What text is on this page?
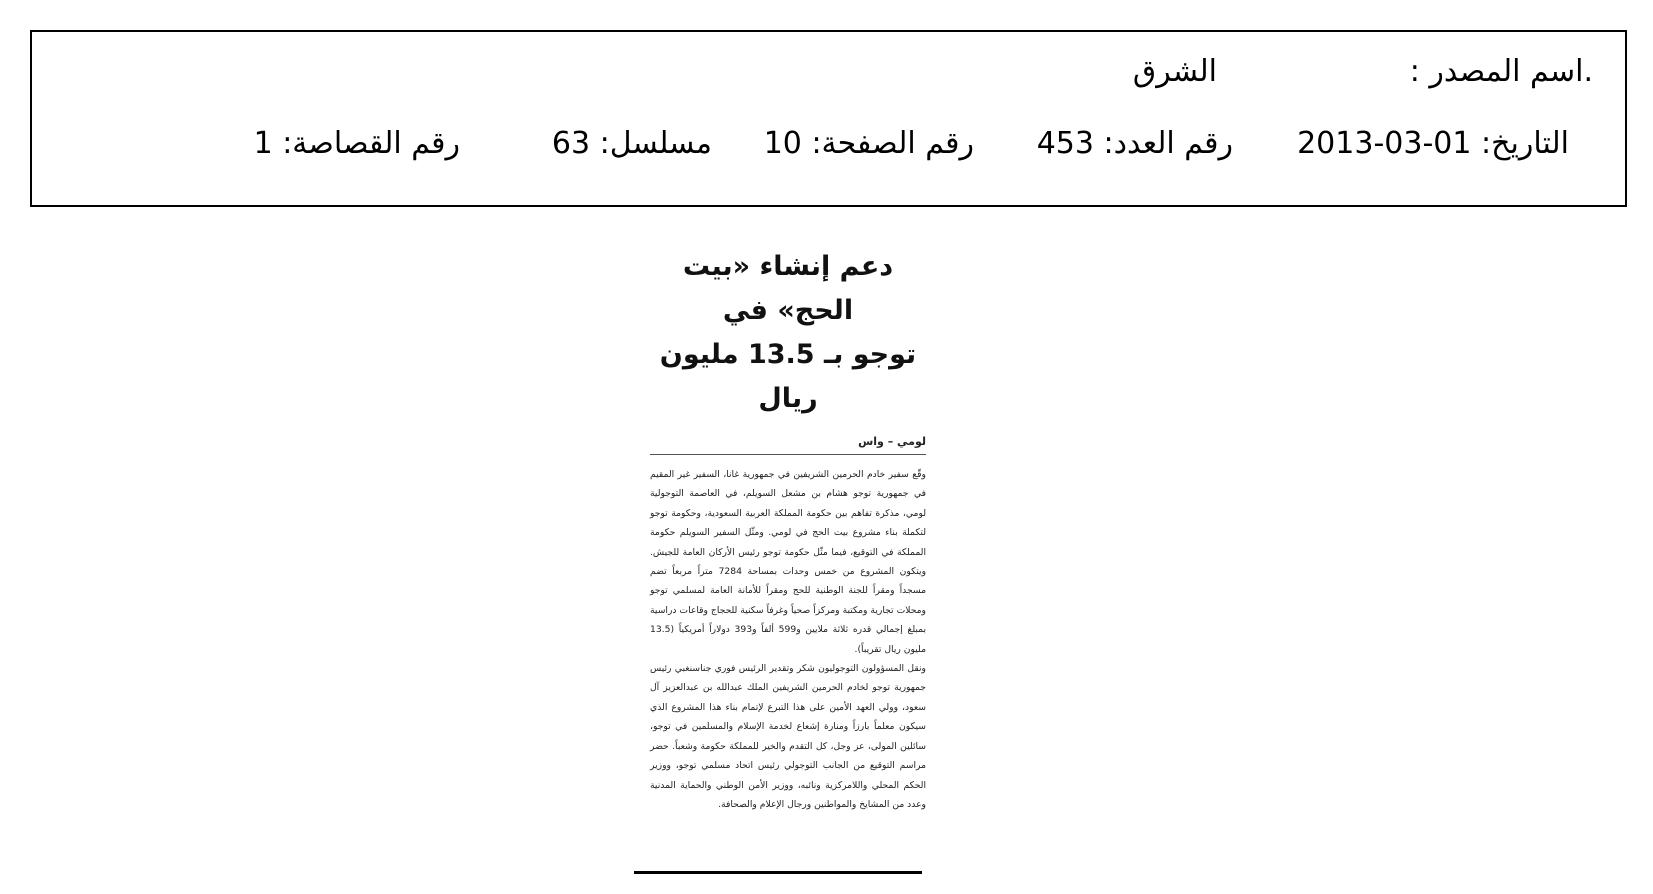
.اسم المصدر :
الشرق
التاريخ: 01-03-2013
رقم العدد: 453
رقم الصفحة: 10
مسلسل: 63
رقم القصاصة: 1
دعم إنشاء «بيت الحج» في
توجو بـ 13.5 مليون ريال
لومي – واس

وقّع سفير خادم الحرمين الشريفين في جمهورية غانا، السفير غير المقيم في جمهورية توجو هشام بن مشعل السويلم، في العاصمة التوجولية لومي، مذكرة تفاهم بين حكومة المملكة العربية السعودية، وحكومة توجو لتكملة بناء مشروع بيت الحج في لومي. ومثّل السفير السويلم حكومة المملكة في التوقيع، فيما مثّل حكومة توجو رئيس الأركان العامة للجيش. ويتكون المشروع من خمس وحدات بمساحة 7284 متراً مربعاً تضم مسجداً ومقراً للجنة الوطنية للحج ومقراً للأمانة العامة لمسلمي توجو ومحلات تجارية ومكتبة ومركزاً صحياً وغرفاً سكنية للحجاج وقاعات دراسية بمبلغ إجمالي قدره ثلاثة ملايين و599 ألفاً و393 دولاراً أمريكياً (13.5 مليون ريال تقريباً).

ونقل المسؤولون التوجوليون شكر وتقدير الرئيس فوري جناسنغبي رئيس جمهورية توجو لخادم الحرمين الشريفين الملك عبدالله بن عبدالعزيز آل سعود، وولي العهد الأمين على هذا التبرع لإتمام بناء هذا المشروع الذي سيكون معلماً بارزاً ومنارة إشعاع لخدمة الإسلام والمسلمين في توجو، سائلين المولى، عز وجل، كل التقدم والخير للمملكة حكومة وشعباً. حضر مراسم التوقيع من الجانب التوجولي رئيس اتحاد مسلمي توجو، ووزير الحكم المحلي واللامركزية ونائبه، ووزير الأمن الوطني والحماية المدنية وعدد من المشايخ والمواطنين ورجال الإعلام والصحافة.
